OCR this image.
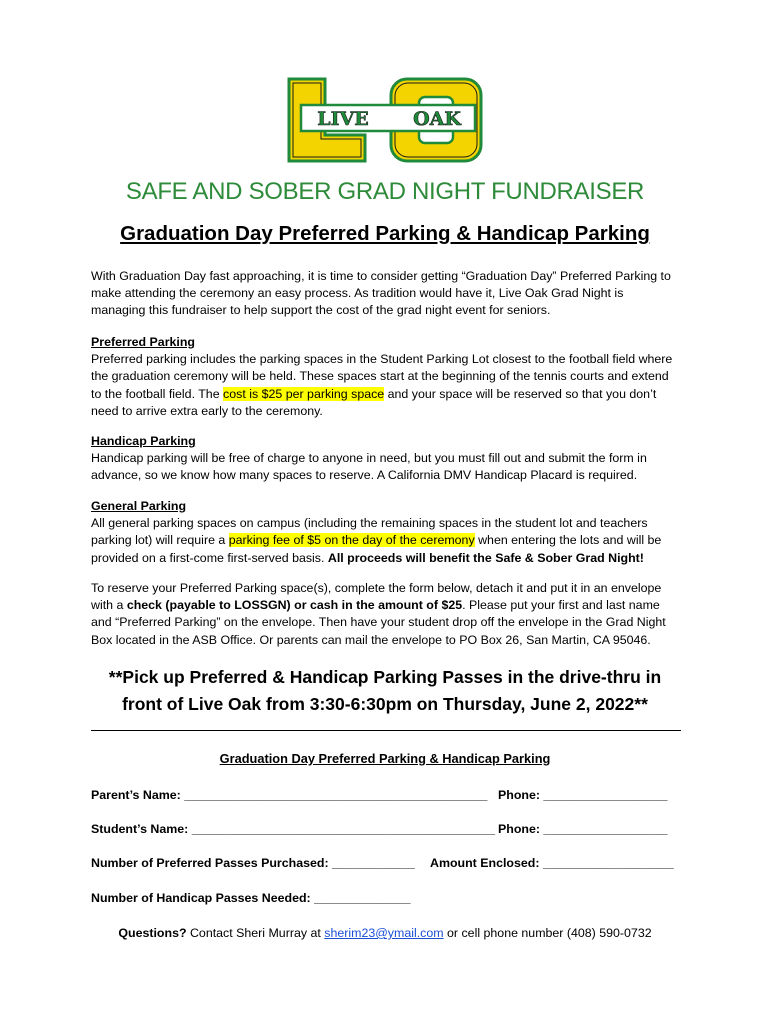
LIVE OAK
SAFE AND SOBER GRAD NIGHT FUNDRAISER
Graduation Day Preferred Parking & Handicap Parking

With Graduation Day fast approaching, it is time to consider getting “Graduation Day” Preferred Parking to make attending the ceremony an easy process. As tradition would have it, Live Oak Grad Night is managing this fundraiser to help support the cost of the grad night event for seniors.

Preferred Parking

Preferred parking includes the parking spaces in the Student Parking Lot closest to the football field where the graduation ceremony will be held. These spaces start at the beginning of the tennis courts and extend to the football field. The cost is $25 per parking space and your space will be reserved so that you don’t need to arrive extra early to the ceremony.

Handicap Parking

Handicap parking will be free of charge to anyone in need, but you must fill out and submit the form in advance, so we know how many spaces to reserve. A California DMV Handicap Placard is required.

General Parking

All general parking spaces on campus (including the remaining spaces in the student lot and teachers parking lot) will require a parking fee of $5 on the day of the ceremony when entering the lots and will be provided on a first-come first-served basis. All proceeds will benefit the Safe & Sober Grad Night!

To reserve your Preferred Parking space(s), complete the form below, detach it and put it in an envelope with a check (payable to LOSSGN) or cash in the amount of $25. Please put your first and last name and “Preferred Parking” on the envelope. Then have your student drop off the envelope in the Grad Night Box located in the ASB Office. Or parents can mail the envelope to PO Box 26, San Martin, CA 95046.

**Pick up Preferred & Handicap Parking Passes in the drive-thru in
front of Live Oak from 3:30-6:30pm on Thursday, June 2, 2022**
Graduation Day Preferred Parking & Handicap Parking
Parent’s Name: ____________________________________________ Phone: __________________
Student’s Name: ____________________________________________ Phone: __________________
Number of Preferred Passes Purchased: ____________ Amount Enclosed: ___________________
Number of Handicap Passes Needed: ______________
Questions? Contact Sheri Murray at sherim23@ymail.com or cell phone number (408) 590-0732
